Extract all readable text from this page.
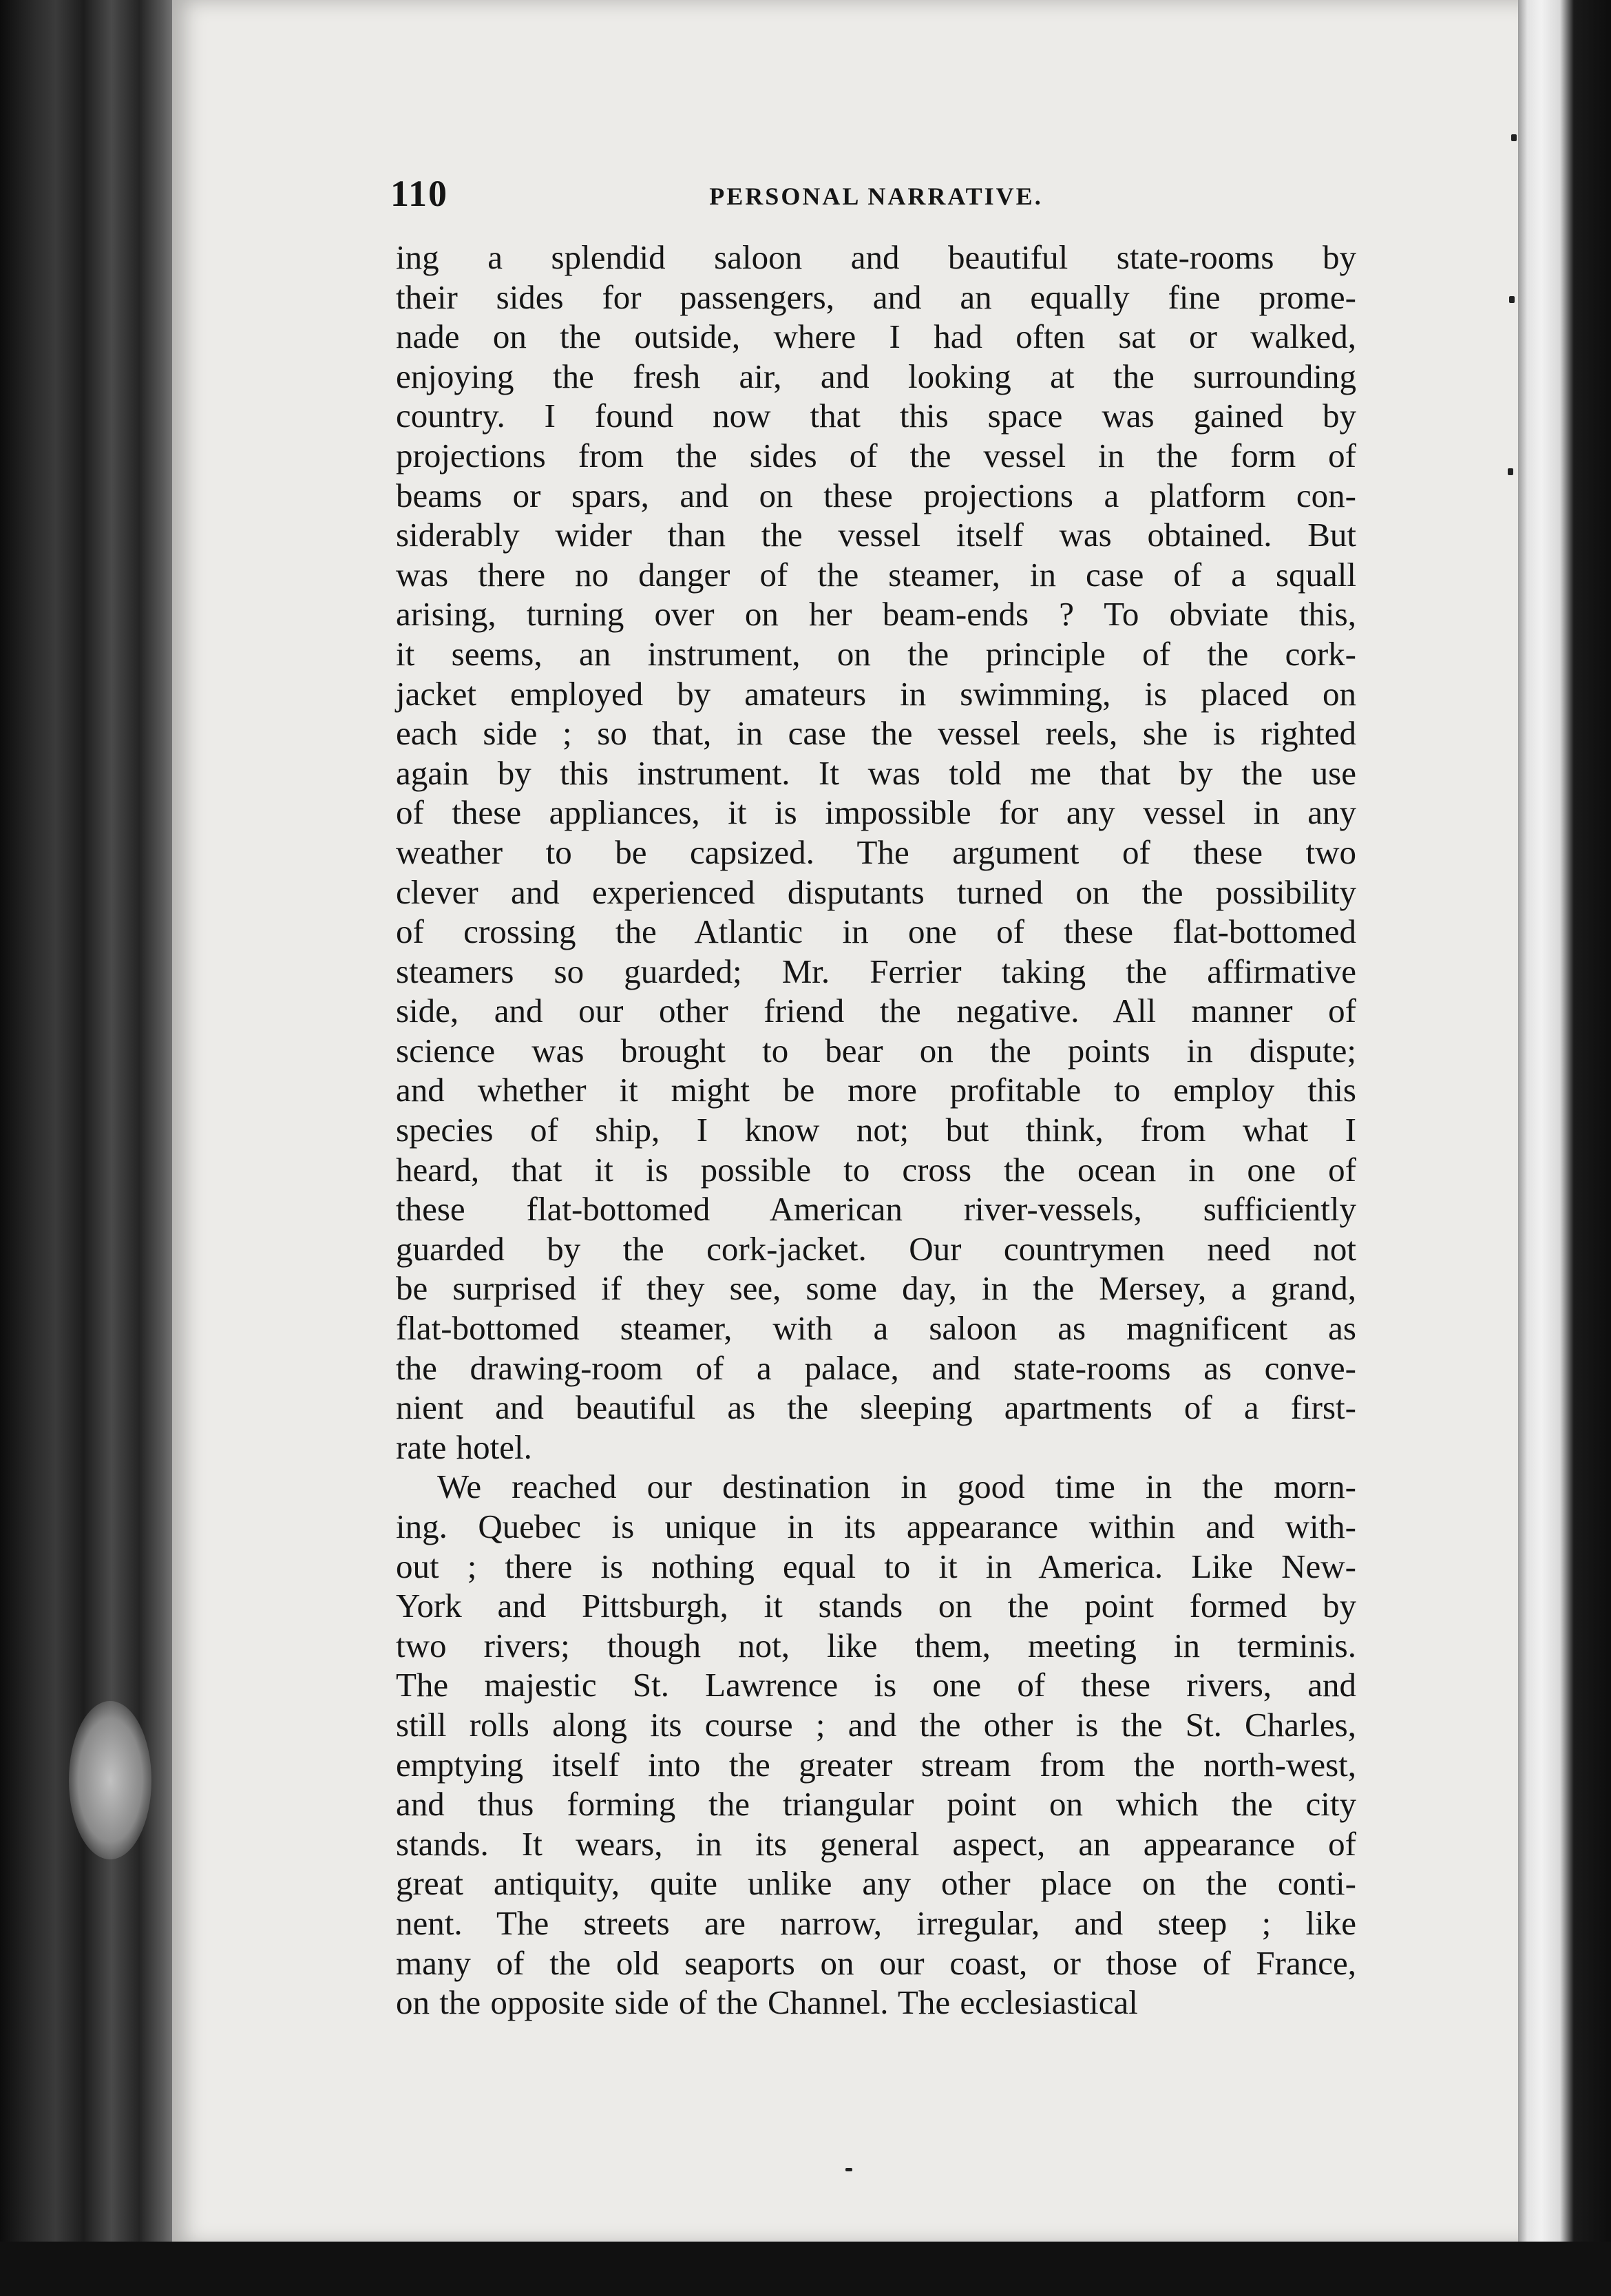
110	PERSONAL NARRATIVE.
ing a splendid saloon and beautiful state-rooms by
their sides for passengers, and an equally fine prome-
nade on the outside, where I had often sat or walked,
enjoying the fresh air, and looking at the surrounding
country. I found now that this space was gained by
projections from the sides of the vessel in the form of
beams or spars, and on these projections a platform con-
siderably wider than the vessel itself was obtained. But
was there no danger of the steamer, in case of a squall
arising, turning over on her beam-ends ? To obviate this,
it seems, an instrument, on the principle of the cork-
jacket employed by amateurs in swimming, is placed on
each side ; so that, in case the vessel reels, she is righted
again by this instrument. It was told me that by the use
of these appliances, it is impossible for any vessel in any
weather to be capsized. The argument of these two
clever and experienced disputants turned on the possibility
of crossing the Atlantic in one of these flat-bottomed
steamers so guarded; Mr. Ferrier taking the affirmative
side, and our other friend the negative. All manner of
science was brought to bear on the points in dispute;
and whether it might be more profitable to employ this
species of ship, I know not; but think, from what I
heard, that it is possible to cross the ocean in one of
these flat-bottomed American river-vessels, sufficiently
guarded by the cork-jacket. Our countrymen need not
be surprised if they see, some day, in the Mersey, a grand,
flat-bottomed steamer, with a saloon as magnificent as
the drawing-room of a palace, and state-rooms as conve-
nient and beautiful as the sleeping apartments of a first-
rate hotel.
We reached our destination in good time in the morn-
ing. Quebec is unique in its appearance within and with-
out ; there is nothing equal to it in America. Like New-
York and Pittsburgh, it stands on the point formed by
two rivers; though not, like them, meeting in terminis.
The majestic St. Lawrence is one of these rivers, and
still rolls along its course ; and the other is the St. Charles,
emptying itself into the greater stream from the north-west,
and thus forming the triangular point on which the city
stands. It wears, in its general aspect, an appearance of
great antiquity, quite unlike any other place on the conti-
nent. The streets are narrow, irregular, and steep ; like
many of the old seaports on our coast, or those of France,
on the opposite side of the Channel. The ecclesiastical
